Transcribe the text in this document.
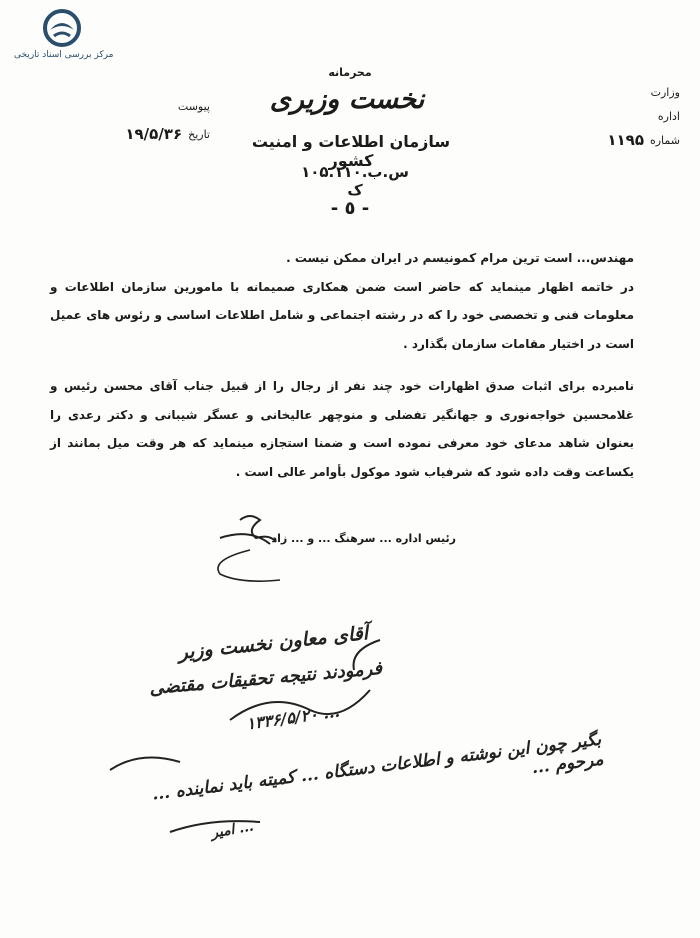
مرکز بررسی اسناد تاریخی
محرمانه
نخست وزیری
سازمان اطلاعات و امنیت کشور
س.ب.۱۰۵.۱۱۰ ک
- ٥ -
وزارت
اداره
شماره
۱۱۹۵
پیوست
تاریخ
۱۹/۵/۳۶

مهندس... است ترین مرام کمونیسم در ایران ممکن نیست .

در خاتمه اظهار مینماید که حاضر است ضمن همکاری صمیمانه با مامورین سازمان اطلاعات و معلومات فنی و تخصصی خود را که در رشته اجتماعی و شامل اطلاعات اساسی و رئوس های عمیل است در اختیار مقامات سازمان بگذارد .

نامبرده برای اثبات صدق اظهارات خود چند نفر از رجال را از قبیل جناب آقای محسن رئیس و غلامحسین خواجه‌نوری و جهانگیر تفضلی و منوچهر عالیخانی و عسگر شیبانی و دکتر رعدی را بعنوان شاهد مدعای خود معرفی نموده است و ضمنا استجازه مینماید که هر وقت میل بمانند از یکساعت وقت داده شود که شرفیاب شود موکول بأوامر عالی است .

رئیس اداره ... سرهنگ ... و ... زاد
آقای معاون نخست وزیر
فرمودند نتیجه تحقیقات مقتضی
... ۱۳۳۶/۵/۲۰
بگیر چون این نوشته و اطلاعات دستگاه ... کمیته باید نماینده ... مرحوم ...
... امیر
